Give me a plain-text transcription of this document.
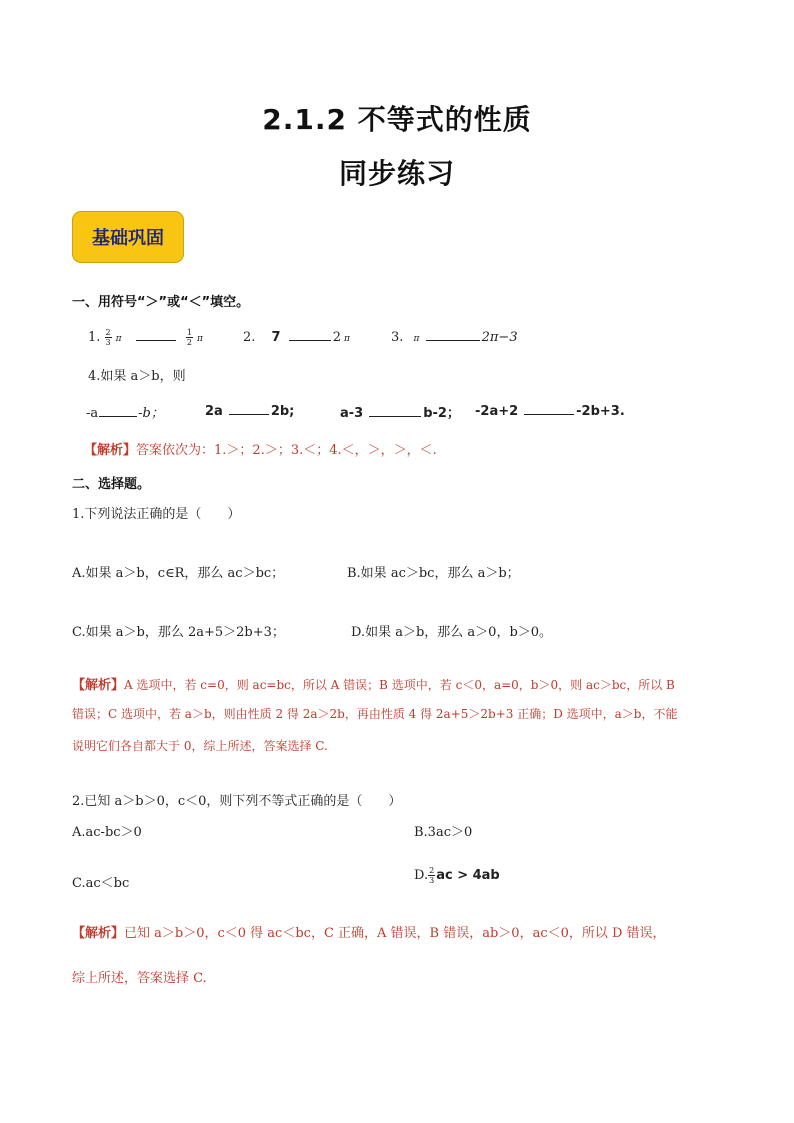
2.1.2 不等式的性质
同步练习
基础巩固
一、用符号“＞”或“＜”填空。
1. $\frac{2}{3}$ π	$\frac{1}{2}$ π	2. 7	2 π	3. π	2π−3
4.如果 a＞b，则
-a	-b；	2a	2b;	a-3	b-2； -2a+2	-2b+3.
【解析】答案依次为：1.＞；2.＞；3.＜；4.＜，＞，＞，＜.
二、选择题。
1.下列说法正确的是（　　）
A.如果 a＞b，c∈R，那么 ac＞bc；	B.如果 ac＞bc，那么 a＞b；
C.如果 a＞b，那么 2a+5＞2b+3；	D.如果 a＞b，那么 a＞0，b＞0。
【解析】A 选项中，若 c=0，则 ac=bc，所以 A 错误；B 选项中，若 c＜0，a=0，b＞0，则 ac＞bc，所以 B
错误；C 选项中，若 a＞b，则由性质 2 得 2a＞2b，再由性质 4 得 2a+5＞2b+3 正确；D 选项中，a＞b，不能
说明它们各自都大于 0，综上所述，答案选择 C.
2.已知 a＞b＞0，c＜0，则下列不等式正确的是（　　）
A.ac-bc＞0	B.3ac＞0
C.ac＜bc
D. $\frac{2}{3}$ ac > 4ab
【解析】已知 a＞b＞0，c＜0 得 ac＜bc，C 正确，A 错误，B 错误，ab＞0，ac＜0，所以 D 错误，
综上所述，答案选择 C.
